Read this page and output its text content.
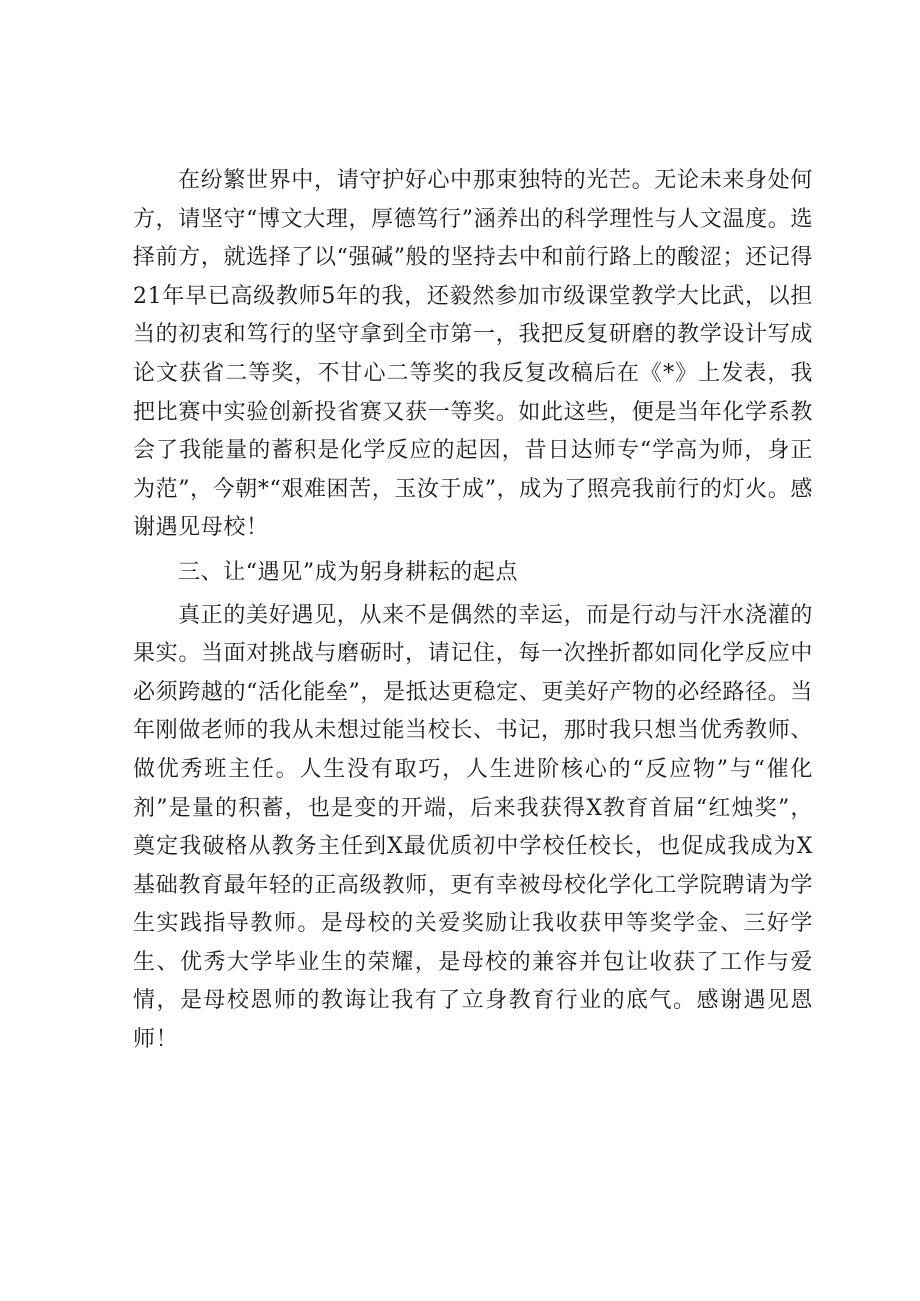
在纷繁世界中，请守护好心中那束独特的光芒。无论未来身处何方，请坚守“博文大理，厚德笃行”涵养出的科学理性与人文温度。选择前方，就选择了以“强碱”般的坚持去中和前行路上的酸涩；还记得21年早已高级教师5年的我，还毅然参加市级课堂教学大比武，以担当的初衷和笃行的坚守拿到全市第一，我把反复研磨的教学设计写成论文获省二等奖，不甘心二等奖的我反复改稿后在《*》上发表，我把比赛中实验创新投省赛又获一等奖。如此这些，便是当年化学系教会了我能量的蓄积是化学反应的起因，昔日达师专“学高为师，身正为范”，今朝*“艰难困苦，玉汝于成”，成为了照亮我前行的灯火。感谢遇见母校！

三、让“遇见”成为躬身耕耘的起点

真正的美好遇见，从来不是偶然的幸运，而是行动与汗水浇灌的果实。当面对挑战与磨砺时，请记住，每一次挫折都如同化学反应中必须跨越的“活化能垒”，是抵达更稳定、更美好产物的必经路径。当年刚做老师的我从未想过能当校长、书记，那时我只想当优秀教师、做优秀班主任。人生没有取巧，人生进阶核心的“反应物”与“催化剂”是量的积蓄，也是变的开端，后来我获得X教育首届“红烛奖”，奠定我破格从教务主任到X最优质初中学校任校长，也促成我成为X基础教育最年轻的正高级教师，更有幸被母校化学化工学院聘请为学生实践指导教师。是母校的关爱奖励让我收获甲等奖学金、三好学生、优秀大学毕业生的荣耀，是母校的兼容并包让收获了工作与爱情，是母校恩师的教诲让我有了立身教育行业的底气。感谢遇见恩师！
